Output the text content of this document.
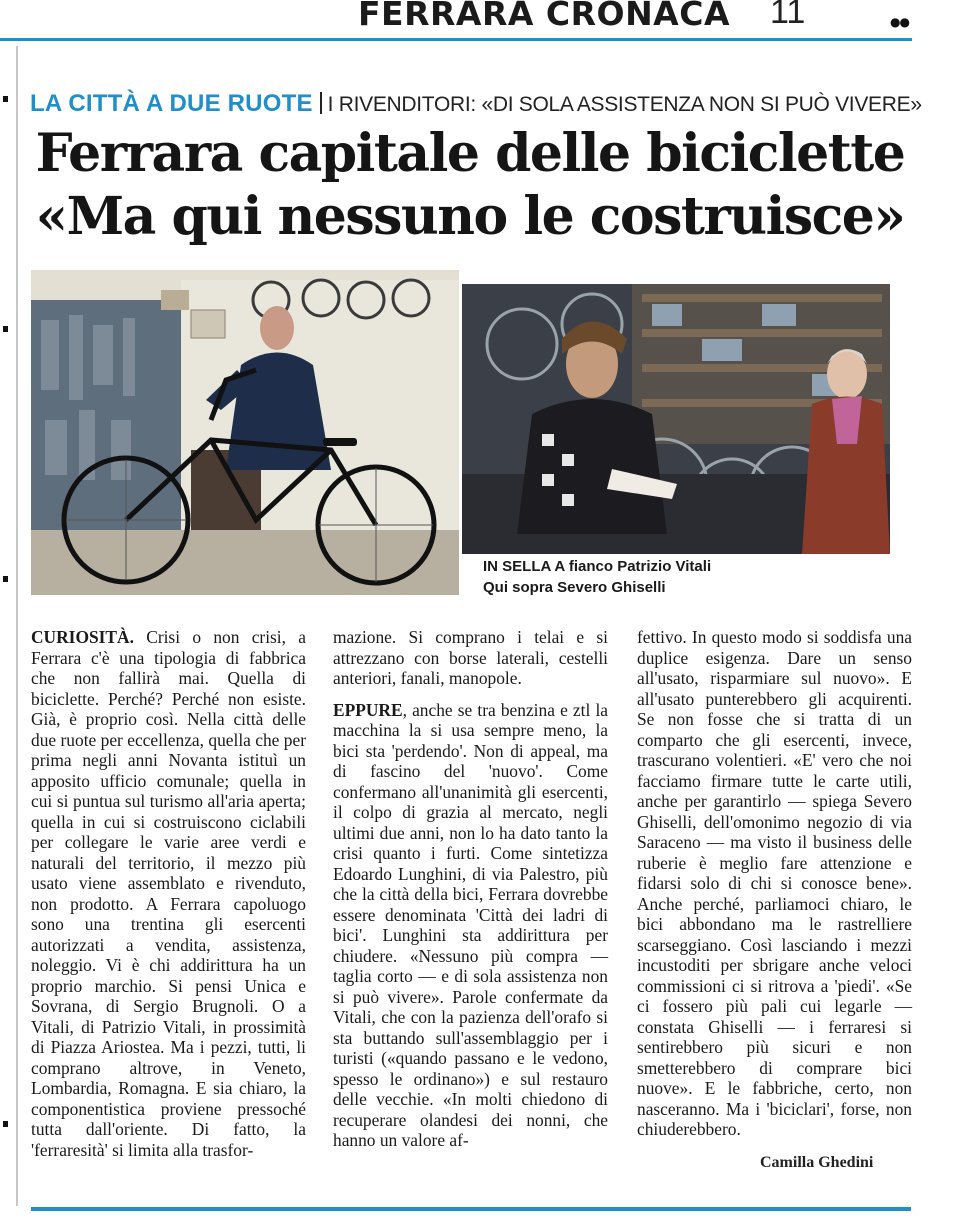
FERRARA CRONACA 11	●●
LA CITTÀ A DUE RUOTE I RIVENDITORI: «DI SOLA ASSISTENZA NON SI PUÒ VIVERE»
Ferrara capitale delle biciclette
«Ma qui nessuno le costruisce»
IN SELLA A fianco Patrizio Vitali
Qui sopra Severo Ghiselli

CURIOSITÀ. Crisi o non crisi, a Ferrara c'è una tipologia di fabbrica che non fallirà mai. Quella di biciclette. Perché? Perché non esiste. Già, è proprio così. Nella città delle due ruote per eccellenza, quella che per prima negli anni Novanta istituì un apposito ufficio comunale; quella in cui si puntua sul turismo all'aria aperta; quella in cui si costruiscono ciclabili per collegare le varie aree verdi e naturali del territorio, il mezzo più usato viene assemblato e rivenduto, non prodotto. A Ferrara capoluogo sono una trentina gli esercenti autorizzati a vendita, assistenza, noleggio. Vi è chi addirittura ha un proprio marchio. Si pensi Unica e Sovrana, di Sergio Brugnoli. O a Vitali, di Patrizio Vitali, in prossimità di Piazza Ariostea. Ma i pezzi, tutti, li comprano altrove, in Veneto, Lombardia, Romagna. E sia chiaro, la componentistica proviene pressoché tutta dall'oriente. Di fatto, la 'ferraresità' si limita alla trasfor-

mazione. Si comprano i telai e si attrezzano con borse laterali, cestelli anteriori, fanali, manopole.

EPPURE, anche se tra benzina e ztl la macchina la si usa sempre meno, la bici sta 'perdendo'. Non di appeal, ma di fascino del 'nuovo'. Come confermano all'unanimità gli esercenti, il colpo di grazia al mercato, negli ultimi due anni, non lo ha dato tanto la crisi quanto i furti. Come sintetizza Edoardo Lunghini, di via Palestro, più che la città della bici, Ferrara dovrebbe essere denominata 'Città dei ladri di bici'. Lunghini sta addirittura per chiudere. «Nessuno più compra — taglia corto — e di sola assistenza non si può vivere». Parole confermate da Vitali, che con la pazienza dell'orafo si sta buttando sull'assemblaggio per i turisti («quando passano e le vedono, spesso le ordinano») e sul restauro delle vecchie. «In molti chiedono di recuperare olandesi dei nonni, che hanno un valore af-

fettivo. In questo modo si soddisfa una duplice esigenza. Dare un senso all'usato, risparmiare sul nuovo». E all'usato punterebbero gli acquirenti. Se non fosse che si tratta di un comparto che gli esercenti, invece, trascurano volentieri. «E' vero che noi facciamo firmare tutte le carte utili, anche per garantirlo — spiega Severo Ghiselli, dell'omonimo negozio di via Saraceno — ma visto il business delle ruberie è meglio fare attenzione e fidarsi solo di chi si conosce bene». Anche perché, parliamoci chiaro, le bici abbondano ma le rastrelliere scarseggiano. Così lasciando i mezzi incustoditi per sbrigare anche veloci commissioni ci si ritrova a 'piedi'. «Se ci fossero più pali cui legarle — constata Ghiselli — i ferraresi si sentirebbero più sicuri e non smetterebbero di comprare bici nuove». E le fabbriche, certo, non nasceranno. Ma i 'biciclari', forse, non chiuderebbero.

Camilla Ghedini
